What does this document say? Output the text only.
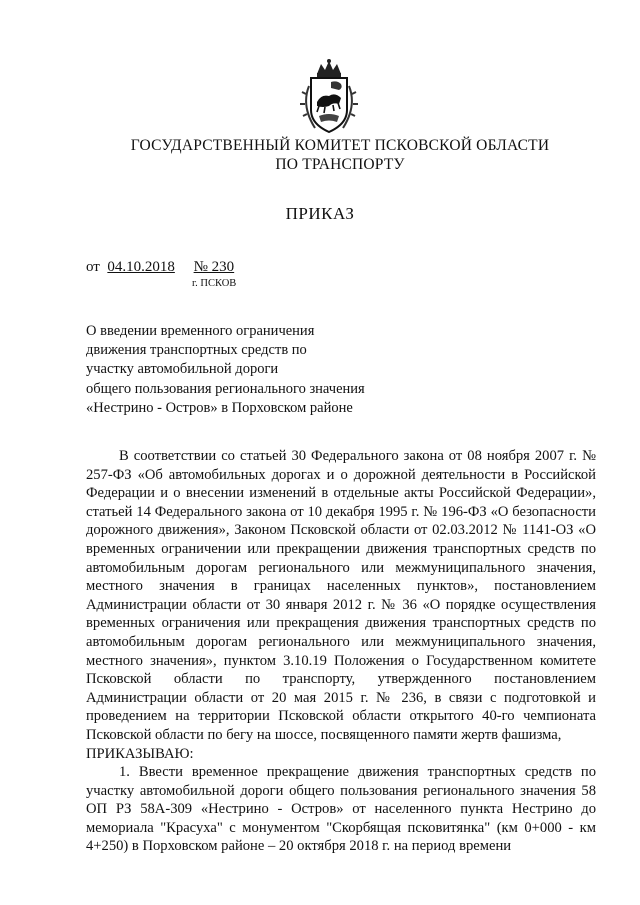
ГОСУДАРСТВЕННЫЙ КОМИТЕТ ПСКОВСКОЙ ОБЛАСТИ
ПО ТРАНСПОРТУ
ПРИКАЗ
от 04.10.2018 № 230
г. ПСКОВ
О введении временного ограничения
движения транспортных средств по
участку автомобильной дороги
общего пользования регионального значения
«Нестрино - Остров» в Порховском районе

В соответствии со статьей 30 Федерального закона от 08 ноября 2007 г. № 257-ФЗ «Об автомобильных дорогах и о дорожной деятельности в Российской Федерации и о внесении изменений в отдельные акты Российской Федерации», статьей 14 Федерального закона от 10 декабря 1995 г. № 196-ФЗ «О безопасности дорожного движения», Законом Псковской области от 02.03.2012 № 1141-ОЗ «О временных ограничении или прекращении движения транспортных средств по автомобильным дорогам регионального или межмуниципального значения, местного значения в границах населенных пунктов», постановлением Администрации области от 30 января 2012 г. № 36 «О порядке осуществления временных ограничения или прекращения движения транспортных средств по автомобильным дорогам регионального или межмуниципального значения, местного значения», пунктом 3.10.19 Положения о Государственном комитете Псковской области по транспорту, утвержденного постановлением Администрации области от 20 мая 2015 г. № 236, в связи с подготовкой и проведением на территории Псковской области открытого 40-го чемпионата Псковской области по бегу на шоссе, посвященного памяти жертв фашизма,

ПРИКАЗЫВАЮ:

1. Ввести временное прекращение движения транспортных средств по участку автомобильной дороги общего пользования регионального значения 58 ОП РЗ 58А-309 «Нестрино - Остров» от населенного пункта Нестрино до мемориала "Красуха" с монументом "Скорбящая псковитянка" (км 0+000 - км 4+250) в Порховском районе – 20 октября 2018 г. на период времени
